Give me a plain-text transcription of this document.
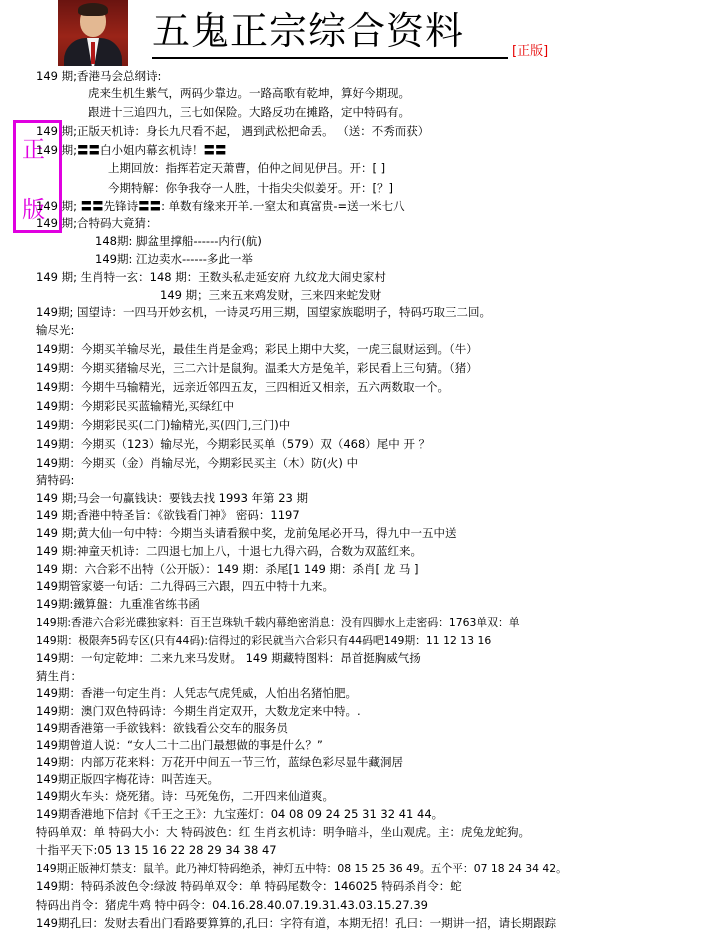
五鬼正宗综合资料	[正版]
正
版
149 期;香港马会总纲诗:
虎来生机生紫气，两码少靠边。一路高歌有乾坤，算好今期现。
跟进十三追四九，三七如保险。大路反功在摊路，定中特码有。
149 期;正版天机诗：身长九尺看不起， 遇到武松把命丢。 （送：不秀而获）
149 期;〓〓白小姐内幕玄机诗！〓〓
上期回放：指挥若定天萧曹，伯仲之间见伊吕。开：[ ]
今期特解：你争我夺一人胜，十指尖尖似姜牙。开：[？]
149 期; 〓〓先锋诗〓〓: 单数有缘来开羊.一窒太和真富贵-=送一米七八
149 期;合特码大竟猜：
148期: 脚盆里撑船------内行(航)
149期: 江边卖水------多此一举
149 期; 生肖特一玄：148 期：王数头私走延安府 九纹龙大闹史家村
149 期；三来五来鸡发财，三来四来蛇发财
149期; 国望诗：一四马开妙玄机，一诗灵巧用三期，国望家族聪明子，特码巧取三二回。
输尽光:
149期：今期买羊输尽光，最佳生肖是金鸡；彩民上期中大奖，一虎三鼠财运到。（牛）
149期：今期买猪输尽光，三二六计是鼠狗。温柔大方是兔羊，彩民看上三句猜。（猪）
149期：今期牛马输精光，远亲近邻四五友，三四相近又相亲，五六两数取一个。
149期：今期彩民买蓝输精光,买绿红中
149期：今期彩民买(二门)输精光,买(四门,三门)中
149期：今期买（123）输尽光，今期彩民买单（579）双（468）尾中 开 ？
149期：今期买（金）肖输尽光，今期彩民买主（木）防(火) 中
猜特码:
149 期;马会一句赢钱诀：要钱去找 1993 年第 23 期
149 期;香港中特圣旨：《欲钱看门神》 密码：1197
149 期;黄大仙一句中特：今期当头请看猴中奖，龙前兔尾必开马，得九中一五中送
149 期:神童天机诗：二四退七加上八，十退七九得六码，合数为双蓝红来。
149 期：六合彩不出特（公开版）：149 期：杀尾[1 149 期：杀肖[ 龙 马 ]
149期管家婆一句话：二九得码三六跟，四五中特十九来。
149期:鐵算盤：九重准省练书函
149期:香港六合彩光碟独家料：百王岂珠轨千载内幕绝密消息：没有四脚水上走密码：1763单双：单
149期：极限奔5码专区(只有44码):信得过的彩民就当六合彩只有44码吧149期：11 12 13 16
149期：一句定乾坤：二来九来马发财。 149 期藏特图料：昂首挺胸威气扬
猜生肖：
149期：香港一句定生肖：人凭志气虎凭威，人怕出名猪怕肥。
149期：澳门双色特码诗：今期生肖定双开，大数龙定来中特。.
149期香港第一手欲钱料：欲钱看公交车的服务员
149期曾道人说：“女人二十二出门最想做的事是什么？”
149期：内部万花来料：万花开中间五一节三竹，蓝绿色彩尽显牛藏洞居
149期正版四字梅花诗：叫苦连天。
149期火车头：烧死猪。诗：马死兔伤，二开四来仙道爽。
149期香港地下信封《千王之王》：九宝莲灯：04 08 09 24 25 31 32 41 44。
特码单双：单 特码大小：大 特码波色：红 生肖玄机诗：明争暗斗，坐山观虎。主：虎兔龙蛇狗。
十指平天下:05 13 15 16 22 28 29 34 38 47
149期正版神灯禁支：鼠羊。此乃神灯特码绝杀，神灯五中特：08 15 25 36 49。五个平：07 18 24 34 42。
149期：特码杀波色令:绿波 特码单双令：单 特码尾数令：146025 特码杀肖令：蛇
特码出肖令：猪虎牛鸡 特中码令：04.16.28.40.07.19.31.43.03.15.27.39
149期孔曰：发财去看出门看路要算算的,孔曰：字符有道，本期无招！孔曰：一期讲一招，请长期跟踪
